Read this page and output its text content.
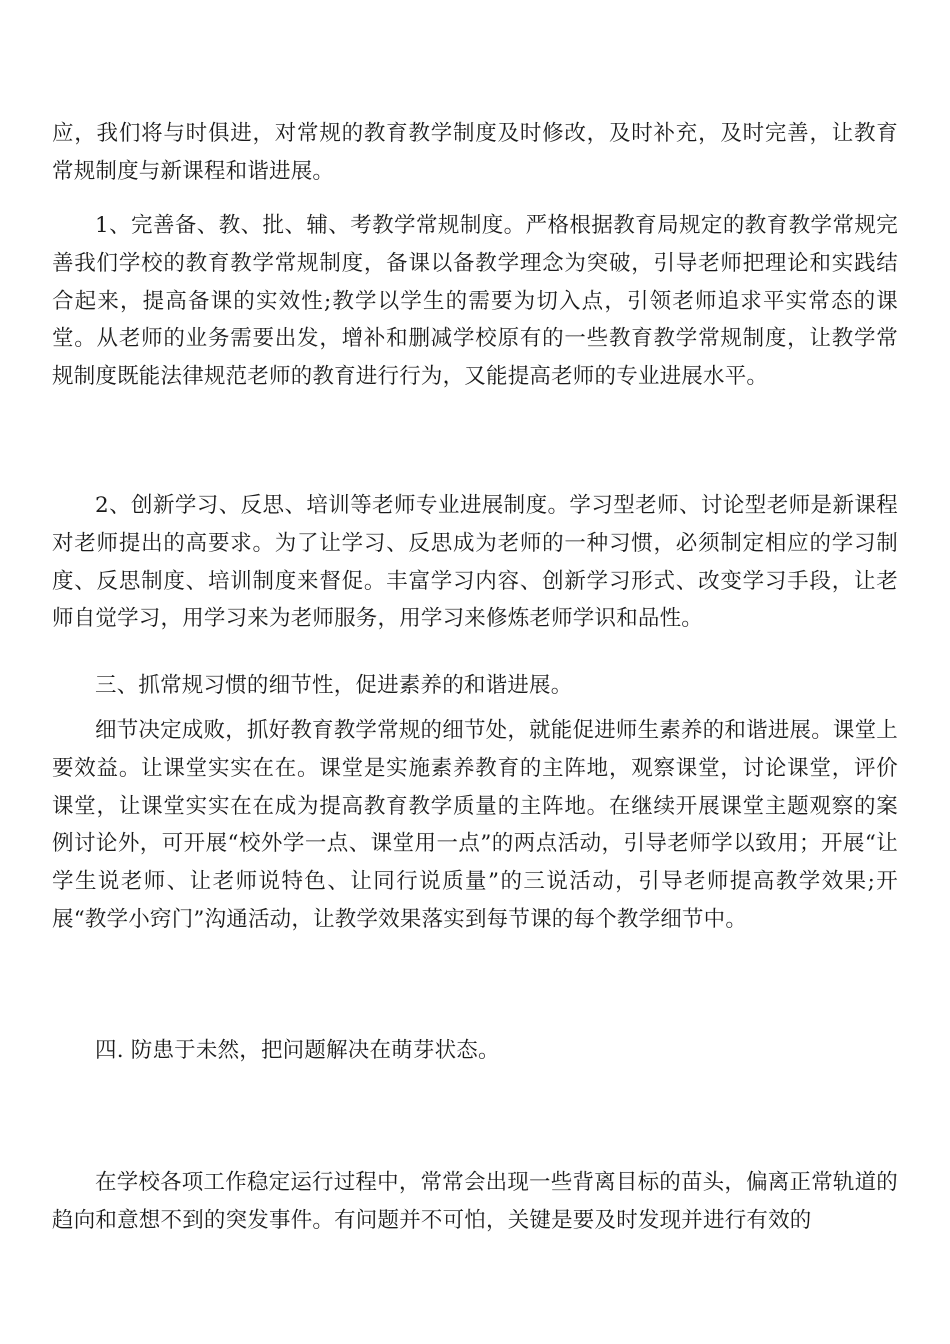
应，我们将与时俱进，对常规的教育教学制度及时修改，及时补充，及时完善，让教育常规制度与新课程和谐进展。

1、完善备、教、批、辅、考教学常规制度。严格根据教育局规定的教育教学常规完善我们学校的教育教学常规制度，备课以备教学理念为突破，引导老师把理论和实践结合起来，提高备课的实效性;教学以学生的需要为切入点，引领老师追求平实常态的课堂。从老师的业务需要出发，增补和删减学校原有的一些教育教学常规制度，让教学常规制度既能法律规范老师的教育进行行为，又能提高老师的专业进展水平。

2、创新学习、反思、培训等老师专业进展制度。学习型老师、讨论型老师是新课程对老师提出的高要求。为了让学习、反思成为老师的一种习惯，必须制定相应的学习制度、反思制度、培训制度来督促。丰富学习内容、创新学习形式、改变学习手段，让老师自觉学习，用学习来为老师服务，用学习来修炼老师学识和品性。

三、抓常规习惯的细节性，促进素养的和谐进展。

细节决定成败，抓好教育教学常规的细节处，就能促进师生素养的和谐进展。课堂上要效益。让课堂实实在在。课堂是实施素养教育的主阵地，观察课堂，讨论课堂，评价课堂，让课堂实实在在成为提高教育教学质量的主阵地。在继续开展课堂主题观察的案例讨论外，可开展“校外学一点、课堂用一点”的两点活动，引导老师学以致用；开展“让学生说老师、让老师说特色、让同行说质量”的三说活动，引导老师提高教学效果;开展“教学小窍门”沟通活动，让教学效果落实到每节课的每个教学细节中。

四. 防患于未然，把问题解决在萌芽状态。

在学校各项工作稳定运行过程中，常常会出现一些背离目标的苗头，偏离正常轨道的趋向和意想不到的突发事件。有问题并不可怕，关键是要及时发现并进行有效的
